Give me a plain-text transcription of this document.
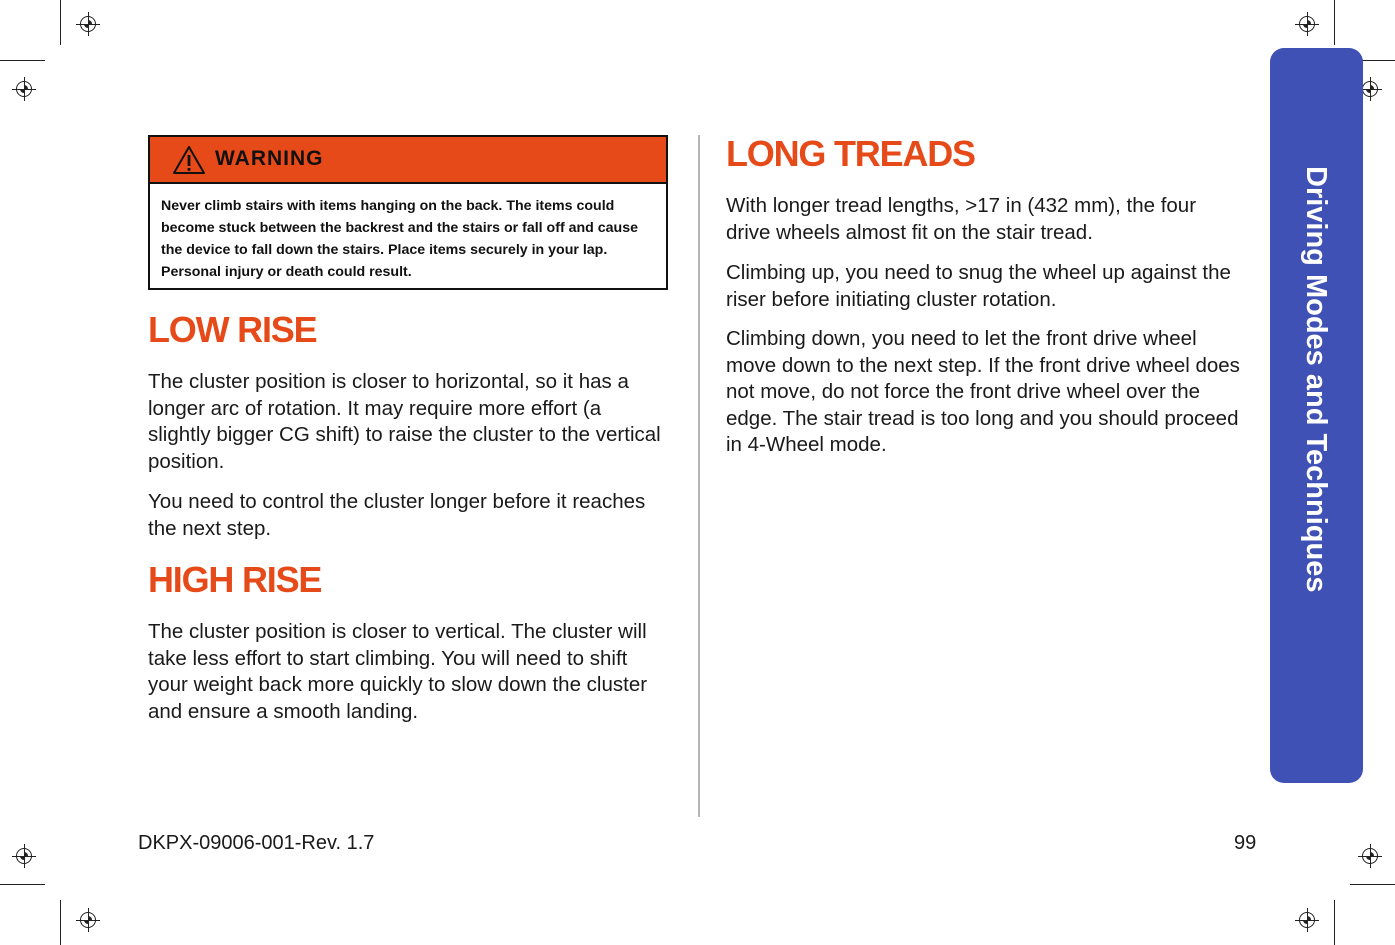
Driving Modes and Techniques
WARNING
Never climb stairs with items hanging on the back. The items could become stuck between the backrest and the stairs or fall off and cause the device to fall down the stairs. Place items securely in your lap. Personal injury or death could result.
LOW RISE

The cluster position is closer to horizontal, so it has a longer arc of rotation. It may require more effort (a slightly bigger CG shift) to raise the cluster to the vertical position.

You need to control the cluster longer before it reaches the next step.

HIGH RISE

The cluster position is closer to vertical. The cluster will take less effort to start climbing. You will need to shift your weight back more quickly to slow down the cluster and ensure a smooth landing.

LONG TREADS

With longer tread lengths, >17 in (432 mm), the four drive wheels almost fit on the stair tread.

Climbing up, you need to snug the wheel up against the riser before initiating cluster rotation.

Climbing down, you need to let the front drive wheel move down to the next step. If the front drive wheel does not move, do not force the front drive wheel over the edge. The stair tread is too long and you should proceed in 4-Wheel mode.

DKPX-09006-001-Rev. 1.7	99
